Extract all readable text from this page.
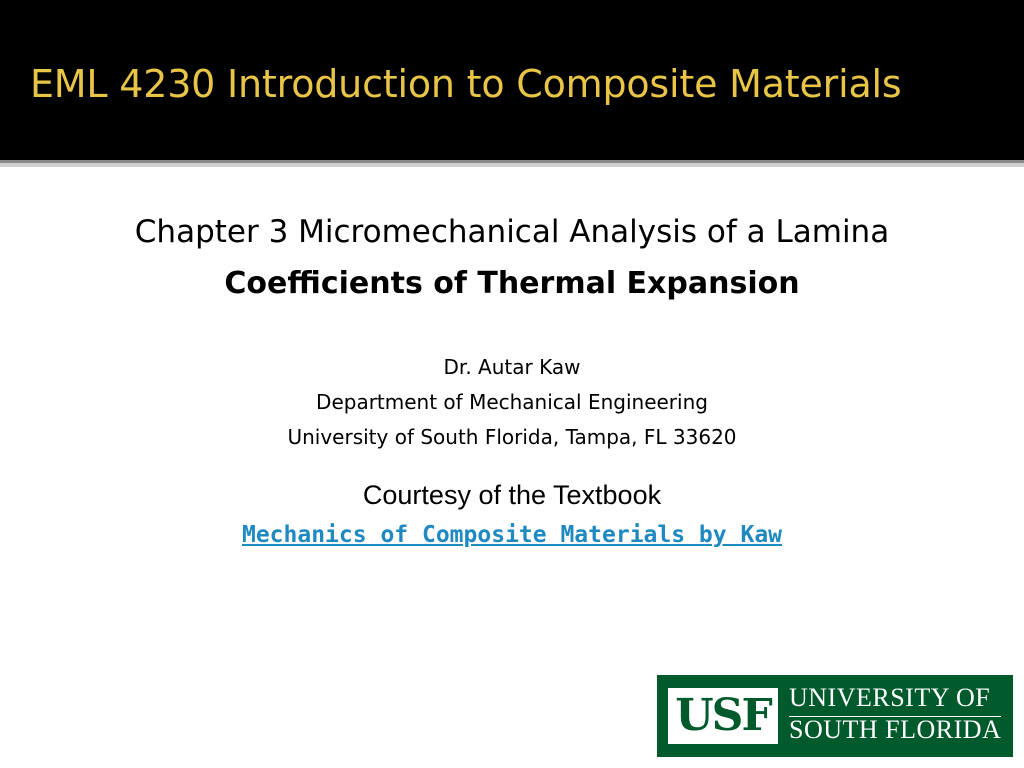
EML 4230 Introduction to Composite Materials
Chapter 3 Micromechanical Analysis of a Lamina
Coefficients of Thermal Expansion
Dr. Autar Kaw
Department of Mechanical Engineering
University of South Florida, Tampa, FL 33620
Courtesy of the Textbook
Mechanics of Composite Materials by Kaw
USF UNIVERSITY OF
SOUTH FLORIDA
